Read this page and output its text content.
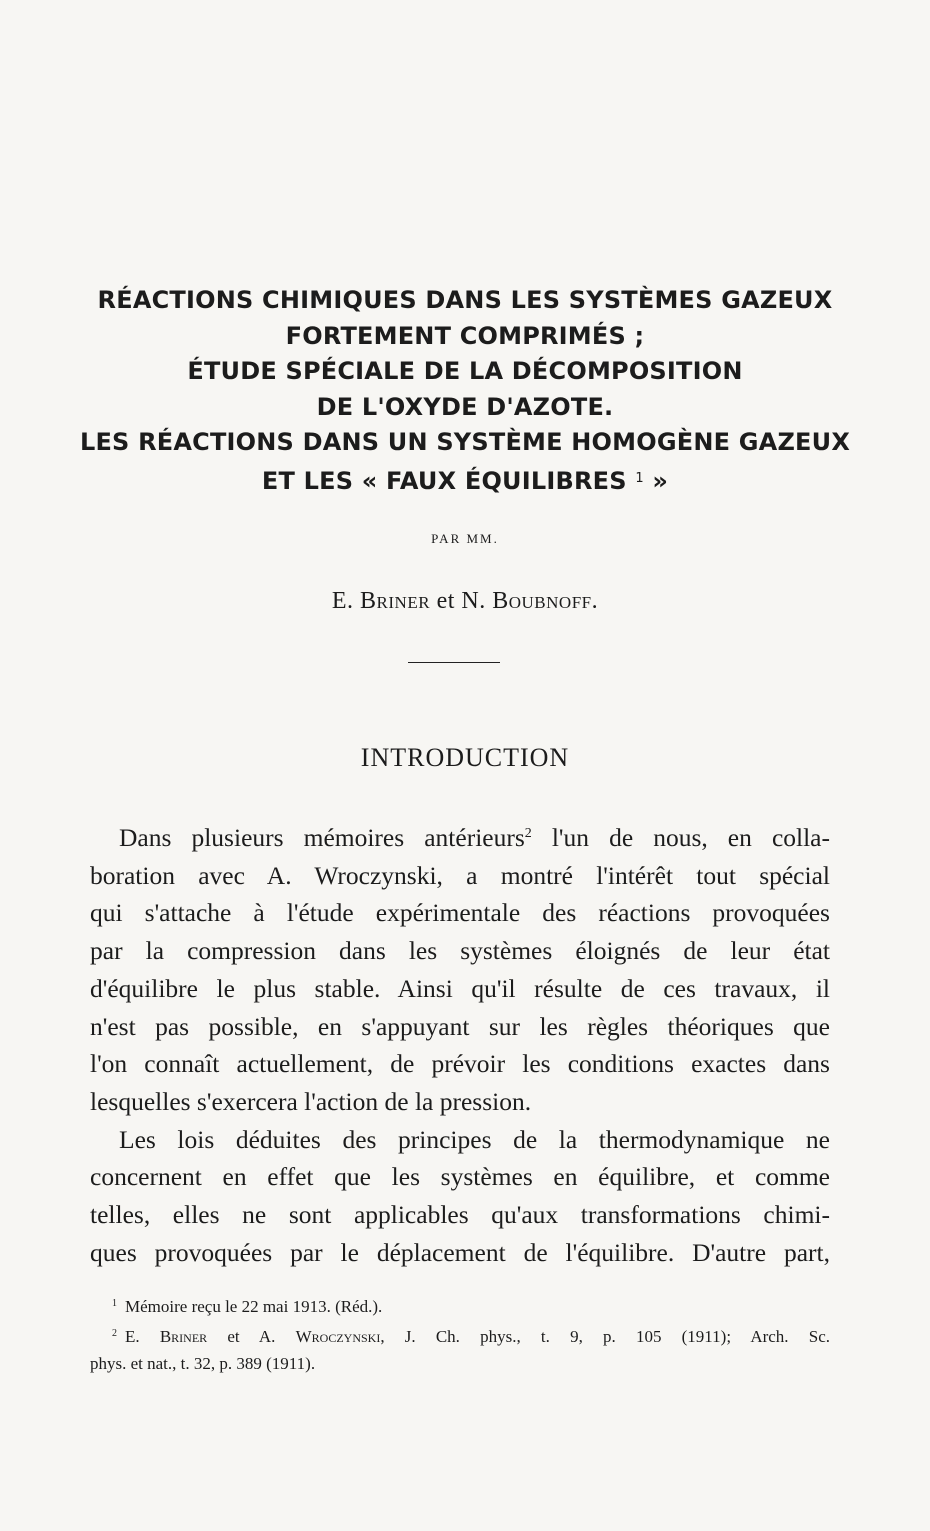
RÉACTIONS CHIMIQUES DANS LES SYSTÈMES GAZEUX
FORTEMENT COMPRIMÉS ;
ÉTUDE SPÉCIALE DE LA DÉCOMPOSITION
DE L'OXYDE D'AZOTE.
LES RÉACTIONS DANS UN SYSTÈME HOMOGÈNE GAZEUX
ET LES « FAUX ÉQUILIBRES $^1$ »
PAR MM.
E. Briner et N. Boubnoff.
INTRODUCTION
Dans plusieurs mémoires antérieurs$^2$ l'un de nous, en colla-
boration avec A. Wroczynski, a montré l'intérêt tout spécial
qui s'attache à l'étude expérimentale des réactions provoquées
par la compression dans les systèmes éloignés de leur état
d'équilibre le plus stable. Ainsi qu'il résulte de ces travaux, il
n'est pas possible, en s'appuyant sur les règles théoriques que
l'on connaît actuellement, de prévoir les conditions exactes dans
lesquelles s'exercera l'action de la pression.
Les lois déduites des principes de la thermodynamique ne
concernent en effet que les systèmes en équilibre, et comme
telles, elles ne sont applicables qu'aux transformations chimi-
ques provoquées par le déplacement de l'équilibre. D'autre part,
$^1$ Mémoire reçu le 22 mai 1913. (Réd.).
$^2$ E. Briner et A. Wroczynski, J. Ch. phys., t. 9, p. 105 (1911); Arch. Sc.
phys. et nat., t. 32, p. 389 (1911).
